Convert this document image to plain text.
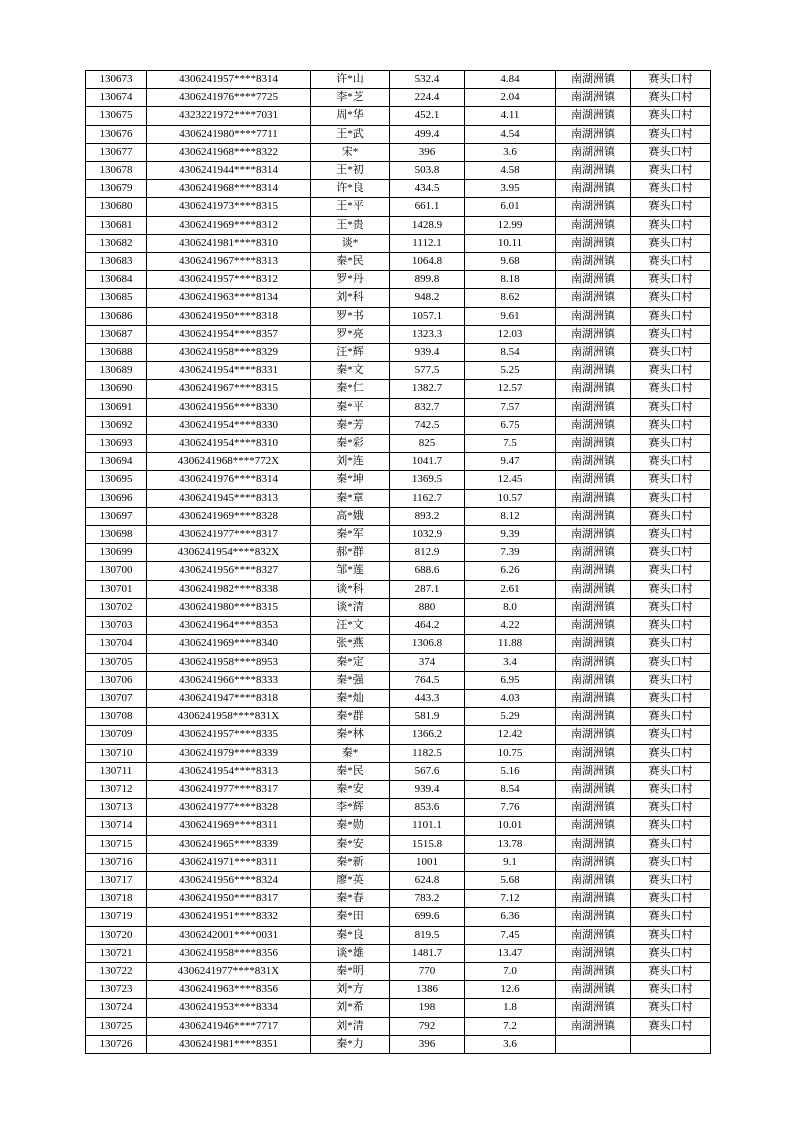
130673	4306241957****8314	许*山	532.4	4.84	南湖洲镇	赛头口村
130674	4306241976****7725	李*芝	224.4	2.04	南湖洲镇	赛头口村
130675	4323221972****7031	周*华	452.1	4.11	南湖洲镇	赛头口村
130676	4306241980****7711	王*武	499.4	4.54	南湖洲镇	赛头口村
130677	4306241968****8322	宋*	396	3.6	南湖洲镇	赛头口村
130678	4306241944****8314	王*初	503.8	4.58	南湖洲镇	赛头口村
130679	4306241968****8314	许*良	434.5	3.95	南湖洲镇	赛头口村
130680	4306241973****8315	王*平	661.1	6.01	南湖洲镇	赛头口村
130681	4306241969****8312	王*贵	1428.9	12.99	南湖洲镇	赛头口村
130682	4306241981****8310	谈*	1112.1	10.11	南湖洲镇	赛头口村
130683	4306241967****8313	秦*民	1064.8	9.68	南湖洲镇	赛头口村
130684	4306241957****8312	罗*丹	899.8	8.18	南湖洲镇	赛头口村
130685	4306241963****8134	刘*科	948.2	8.62	南湖洲镇	赛头口村
130686	4306241950****8318	罗*书	1057.1	9.61	南湖洲镇	赛头口村
130687	4306241954****8357	罗*亮	1323.3	12.03	南湖洲镇	赛头口村
130688	4306241958****8329	汪*辉	939.4	8.54	南湖洲镇	赛头口村
130689	4306241954****8331	秦*文	577.5	5.25	南湖洲镇	赛头口村
130690	4306241967****8315	秦*仁	1382.7	12.57	南湖洲镇	赛头口村
130691	4306241956****8330	秦*平	832.7	7.57	南湖洲镇	赛头口村
130692	4306241954****8330	秦*芳	742.5	6.75	南湖洲镇	赛头口村
130693	4306241954****8310	秦*彩	825	7.5	南湖洲镇	赛头口村
130694	4306241968****772X	刘*连	1041.7	9.47	南湖洲镇	赛头口村
130695	4306241976****8314	秦*坤	1369.5	12.45	南湖洲镇	赛头口村
130696	4306241945****8313	秦*章	1162.7	10.57	南湖洲镇	赛头口村
130697	4306241969****8328	高*娥	893.2	8.12	南湖洲镇	赛头口村
130698	4306241977****8317	秦*军	1032.9	9.39	南湖洲镇	赛头口村
130699	4306241954****832X	郝*群	812.9	7.39	南湖洲镇	赛头口村
130700	4306241956****8327	邹*莲	688.6	6.26	南湖洲镇	赛头口村
130701	4306241982****8338	谈*科	287.1	2.61	南湖洲镇	赛头口村
130702	4306241980****8315	谈*清	880	8.0	南湖洲镇	赛头口村
130703	4306241964****8353	汪*文	464.2	4.22	南湖洲镇	赛头口村
130704	4306241969****8340	张*燕	1306.8	11.88	南湖洲镇	赛头口村
130705	4306241958****8953	秦*定	374	3.4	南湖洲镇	赛头口村
130706	4306241966****8333	秦*强	764.5	6.95	南湖洲镇	赛头口村
130707	4306241947****8318	秦*灿	443.3	4.03	南湖洲镇	赛头口村
130708	4306241958****831X	秦*群	581.9	5.29	南湖洲镇	赛头口村
130709	4306241957****8335	秦*林	1366.2	12.42	南湖洲镇	赛头口村
130710	4306241979****8339	秦*	1182.5	10.75	南湖洲镇	赛头口村
130711	4306241954****8313	秦*民	567.6	5.16	南湖洲镇	赛头口村
130712	4306241977****8317	秦*安	939.4	8.54	南湖洲镇	赛头口村
130713	4306241977****8328	李*辉	853.6	7.76	南湖洲镇	赛头口村
130714	4306241969****8311	秦*勋	1101.1	10.01	南湖洲镇	赛头口村
130715	4306241965****8339	秦*安	1515.8	13.78	南湖洲镇	赛头口村
130716	4306241971****8311	秦*新	1001	9.1	南湖洲镇	赛头口村
130717	4306241956****8324	廖*英	624.8	5.68	南湖洲镇	赛头口村
130718	4306241950****8317	秦*春	783.2	7.12	南湖洲镇	赛头口村
130719	4306241951****8332	秦*田	699.6	6.36	南湖洲镇	赛头口村
130720	4306242001****0031	秦*良	819.5	7.45	南湖洲镇	赛头口村
130721	4306241958****8356	谈*雄	1481.7	13.47	南湖洲镇	赛头口村
130722	4306241977****831X	秦*明	770	7.0	南湖洲镇	赛头口村
130723	4306241963****8356	刘*方	1386	12.6	南湖洲镇	赛头口村
130724	4306241953****8334	刘*希	198	1.8	南湖洲镇	赛头口村
130725	4306241946****7717	刘*清	792	7.2	南湖洲镇	赛头口村
130726	4306241981****8351	秦*力	396	3.6		
